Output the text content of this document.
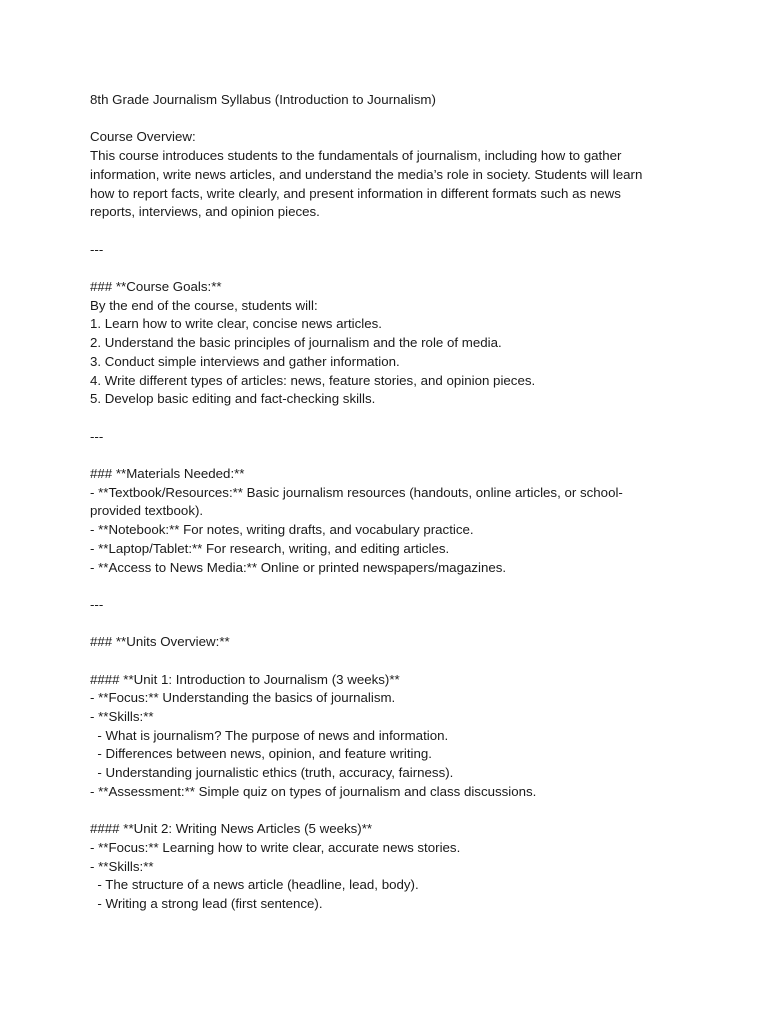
8th Grade Journalism Syllabus (Introduction to Journalism)
Course Overview:
This course introduces students to the fundamentals of journalism, including how to gather
information, write news articles, and understand the media’s role in society. Students will learn
how to report facts, write clearly, and present information in different formats such as news
reports, interviews, and opinion pieces.
---
### **Course Goals:**
By the end of the course, students will:
1. Learn how to write clear, concise news articles.
2. Understand the basic principles of journalism and the role of media.
3. Conduct simple interviews and gather information.
4. Write different types of articles: news, feature stories, and opinion pieces.
5. Develop basic editing and fact-checking skills.
---
### **Materials Needed:**
- **Textbook/Resources:** Basic journalism resources (handouts, online articles, or school-
provided textbook).
- **Notebook:** For notes, writing drafts, and vocabulary practice.
- **Laptop/Tablet:** For research, writing, and editing articles.
- **Access to News Media:** Online or printed newspapers/magazines.
---
### **Units Overview:**
#### **Unit 1: Introduction to Journalism (3 weeks)**
- **Focus:** Understanding the basics of journalism.
- **Skills:**
- What is journalism? The purpose of news and information.
- Differences between news, opinion, and feature writing.
- Understanding journalistic ethics (truth, accuracy, fairness).
- **Assessment:** Simple quiz on types of journalism and class discussions.
#### **Unit 2: Writing News Articles (5 weeks)**
- **Focus:** Learning how to write clear, accurate news stories.
- **Skills:**
- The structure of a news article (headline, lead, body).
- Writing a strong lead (first sentence).
